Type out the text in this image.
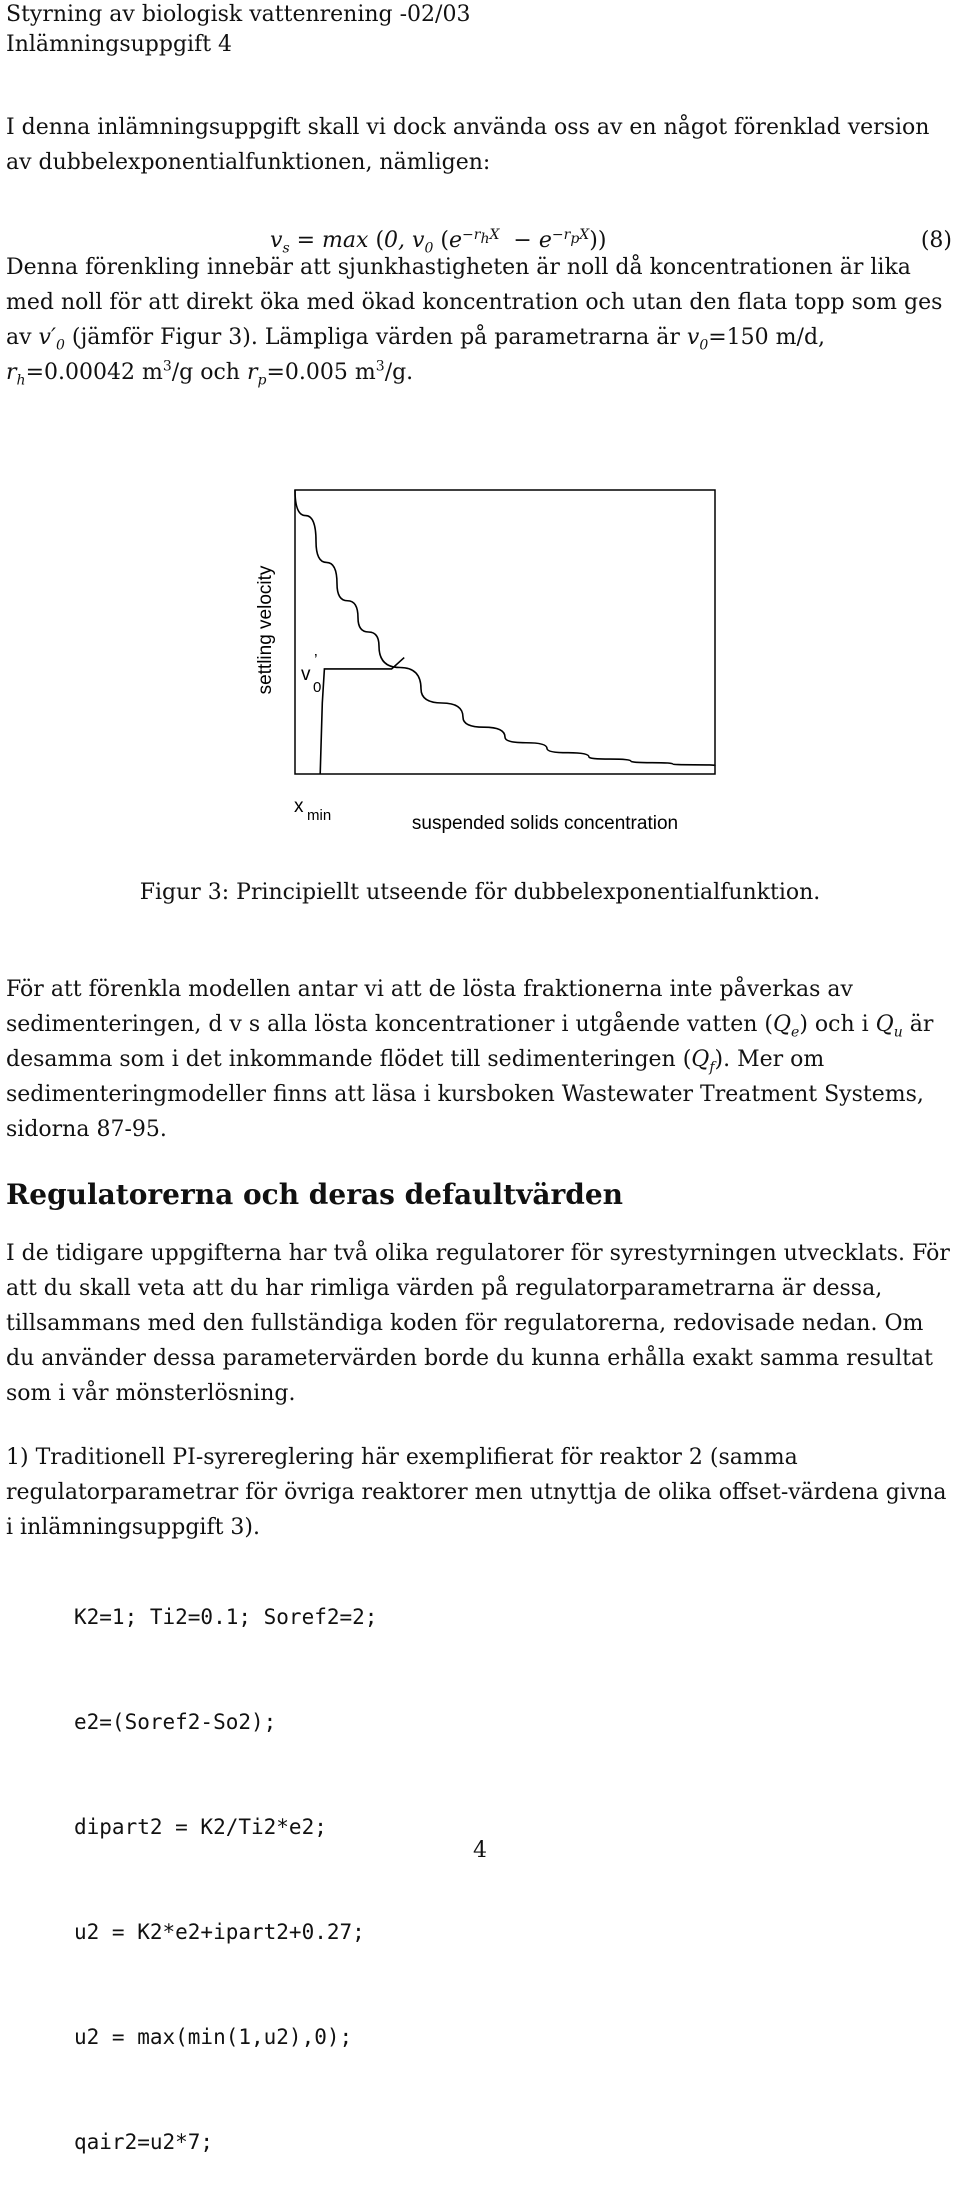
Styrning av biologisk vattenrening -02/03
Inlämningsuppgift 4

I denna inlämningsuppgift skall vi dock använda oss av en något förenklad version av dubbelexponentialfunktionen, nämligen:

$v_s = \max (0$, $v_0$ $(e^{-r_hX} - e^{-r_pX})$)	(8)

Denna förenkling innebär att sjunkhastigheten är noll då koncentrationen är lika med noll för att direkt öka med ökad koncentration och utan den flata topp som ges av $v'_0$ (jämför Figur 3). Lämpliga värden på parametrarna är $v_0=150$ m/d, $r_h=0.00042$ $m^3/g$ och $r_p=0.005$ $m^3/g$.
settling velocity
suspended solids concentration
v
’
0
x min
Figur 3: Principiellt utseende för dubbelexponentialfunktion.
För att förenkla modellen antar vi att de lösta fraktionerna inte påverkas av sedimenteringen, d v s alla lösta koncentrationer i utgående vatten $(Q_e)$ och i $Q_u$ är desamma som i det inkommande flödet till sedimenteringen $(Q_f)$. Mer om sedimenteringmodeller finns att läsa i kursboken Wastewater Treatment Systems, sidorna 87-95.
Regulatorerna och deras defaultvärden

I de tidigare uppgifterna har två olika regulatorer för syrestyrningen utvecklats. För att du skall veta att du har rimliga värden på regulatorparametrarna är dessa, tillsammans med den fullständiga koden för regulatorerna, redovisade nedan. Om du använder dessa parametervärden borde du kunna erhålla exakt samma resultat som i vår mönsterlösning.

1) Traditionell PI-syrereglering här exemplifierat för reaktor 2 (samma regulatorparametrar för övriga reaktorer men utnyttja de olika offset-värdena givna i inlämningsuppgift 3).

K2=1; Ti2=0.1; Soref2=2;

e2=(Soref2-So2);

dipart2 = K2/Ti2*e2;

u2 = K2*e2+ipart2+0.27;

u2 = max(min(1,u2),0);

qair2=u2*7;

4
